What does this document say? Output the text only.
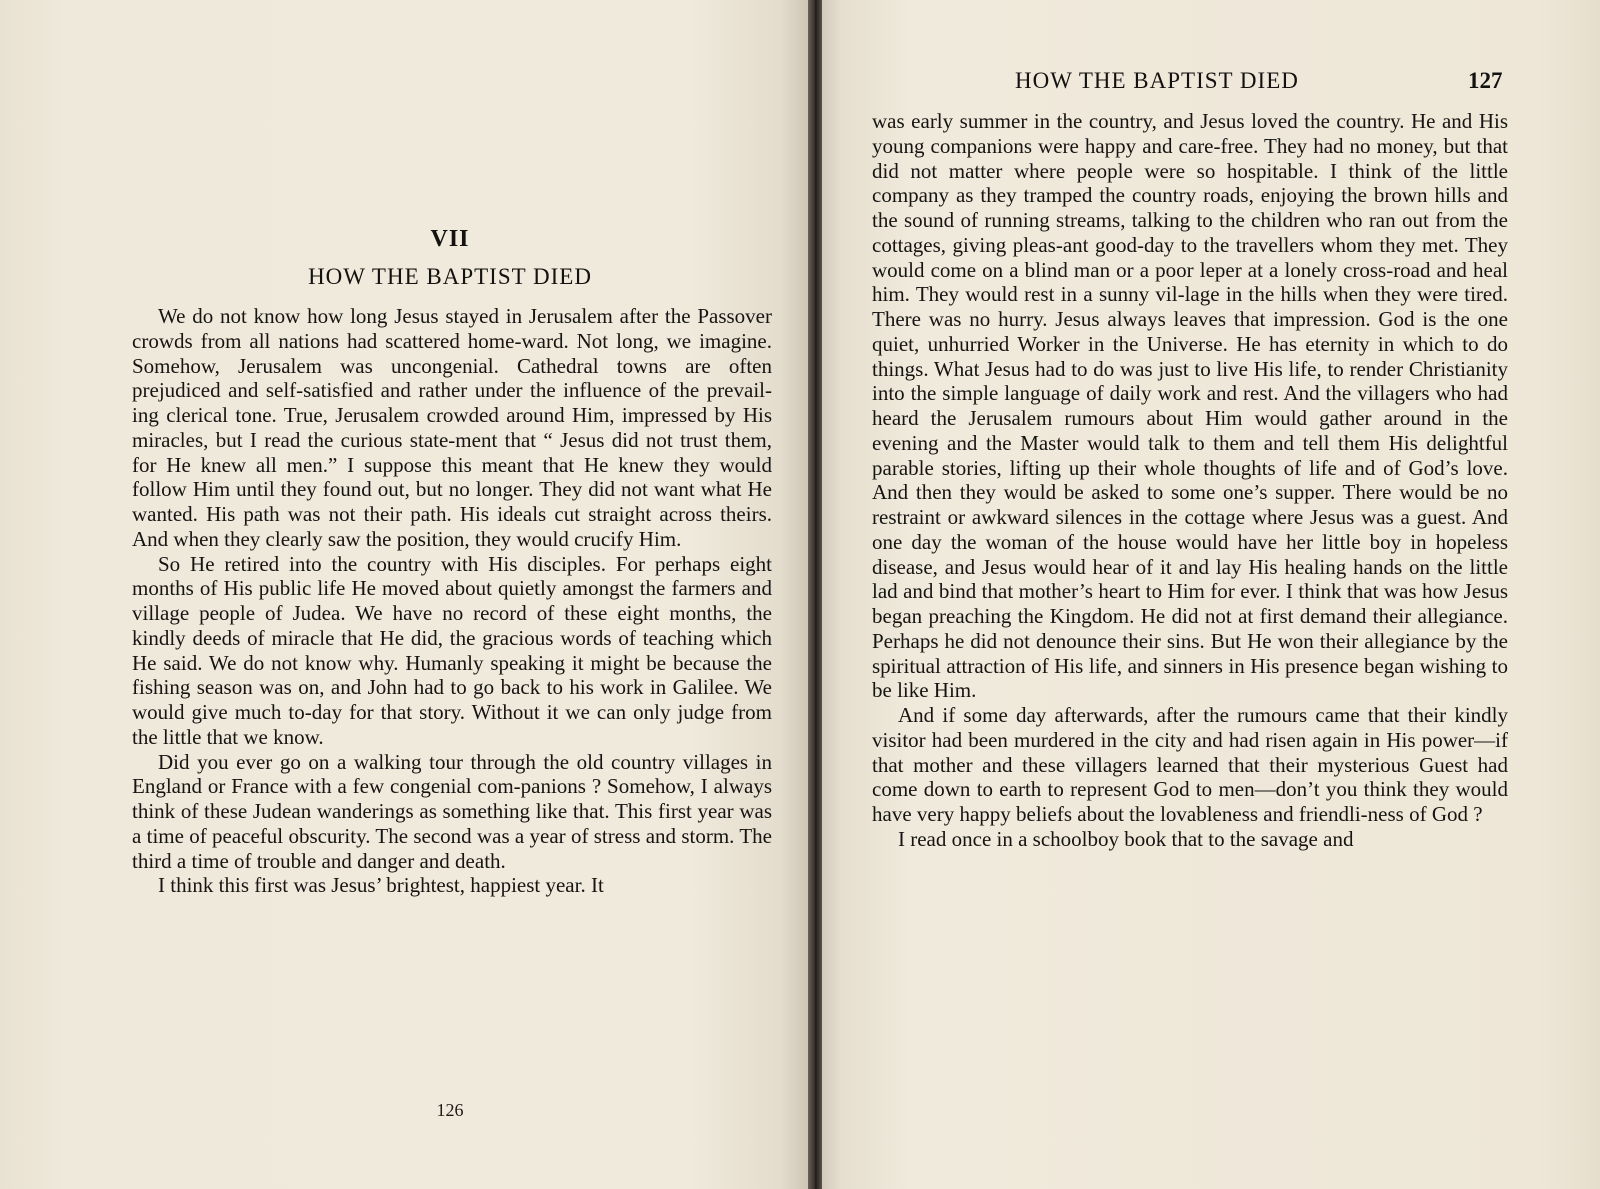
VII
HOW THE BAPTIST DIED

We do not know how long Jesus stayed in Jerusalem after the Passover crowds from all nations had scattered home-ward. Not long, we imagine. Somehow, Jerusalem was uncongenial. Cathedral towns are often prejudiced and self-satisfied and rather under the influence of the prevail-ing clerical tone. True, Jerusalem crowded around Him, impressed by His miracles, but I read the curious state-ment that “ Jesus did not trust them, for He knew all men.” I suppose this meant that He knew they would follow Him until they found out, but no longer. They did not want what He wanted. His path was not their path. His ideals cut straight across theirs. And when they clearly saw the position, they would crucify Him.

So He retired into the country with His disciples. For perhaps eight months of His public life He moved about quietly amongst the farmers and village people of Judea. We have no record of these eight months, the kindly deeds of miracle that He did, the gracious words of teaching which He said. We do not know why. Humanly speaking it might be because the fishing season was on, and John had to go back to his work in Galilee. We would give much to-day for that story. Without it we can only judge from the little that we know.

Did you ever go on a walking tour through the old country villages in England or France with a few congenial com-panions ? Somehow, I always think of these Judean wanderings as something like that. This first year was a time of peaceful obscurity. The second was a year of stress and storm. The third a time of trouble and danger and death.

I think this first was Jesus’ brightest, happiest year. It

126
HOW THE BAPTIST DIED	127

was early summer in the country, and Jesus loved the country. He and His young companions were happy and care-free. They had no money, but that did not matter where people were so hospitable. I think of the little company as they tramped the country roads, enjoying the brown hills and the sound of running streams, talking to the children who ran out from the cottages, giving pleas-ant good-day to the travellers whom they met. They would come on a blind man or a poor leper at a lonely cross-road and heal him. They would rest in a sunny vil-lage in the hills when they were tired. There was no hurry. Jesus always leaves that impression. God is the one quiet, unhurried Worker in the Universe. He has eternity in which to do things. What Jesus had to do was just to live His life, to render Christianity into the simple language of daily work and rest. And the villagers who had heard the Jerusalem rumours about Him would gather around in the evening and the Master would talk to them and tell them His delightful parable stories, lifting up their whole thoughts of life and of God’s love. And then they would be asked to some one’s supper. There would be no restraint or awkward silences in the cottage where Jesus was a guest. And one day the woman of the house would have her little boy in hopeless disease, and Jesus would hear of it and lay His healing hands on the little lad and bind that mother’s heart to Him for ever. I think that was how Jesus began preaching the Kingdom. He did not at first demand their allegiance. Perhaps he did not denounce their sins. But He won their allegiance by the spiritual attraction of His life, and sinners in His presence began wishing to be like Him.

And if some day afterwards, after the rumours came that their kindly visitor had been murdered in the city and had risen again in His power—if that mother and these villagers learned that their mysterious Guest had come down to earth to represent God to men—don’t you think they would have very happy beliefs about the lovableness and friendli-ness of God ?

I read once in a schoolboy book that to the savage and
